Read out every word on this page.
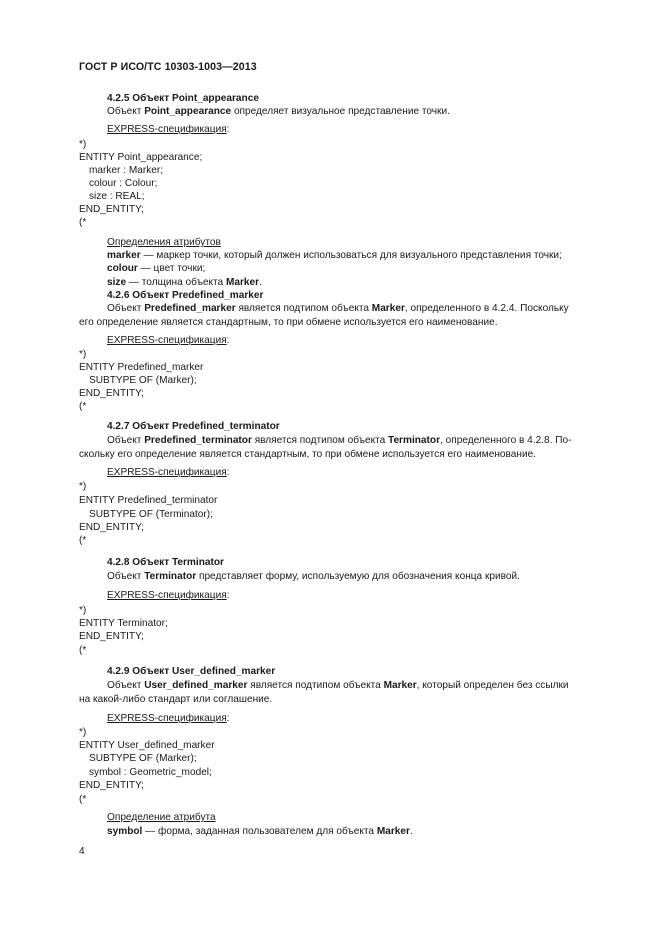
ГОСТ Р ИСО/ТС 10303-1003—2013
4.2.5 Объект Point_appearance
Объект Point_appearance определяет визуальное представление точки.
EXPRESS-спецификация:
*)
ENTITY Point_appearance;
marker : Marker;
colour : Colour;
size : REAL;
END_ENTITY;
(*
Определения атрибутов
marker — маркер точки, который должен использоваться для визуального представления точки;
colour — цвет точки;
size — толщина объекта Marker.
4.2.6 Объект Predefined_marker
Объект Predefined_marker является подтипом объекта Marker, определенного в 4.2.4. Поскольку
его определение является стандартным, то при обмене используется его наименование.
EXPRESS-спецификация:
*)
ENTITY Predefined_marker
SUBTYPE OF (Marker);
END_ENTITY;
(*
4.2.7 Объект Predefined_terminator
Объект Predefined_terminator является подтипом объекта Terminator, определенного в 4.2.8. По-
скольку его определение является стандартным, то при обмене используется его наименование.
EXPRESS-спецификация:
*)
ENTITY Predefined_terminator
SUBTYPE OF (Terminator);
END_ENTITY;
(*
4.2.8 Объект Terminator
Объект Terminator представляет форму, используемую для обозначения конца кривой.
EXPRESS-спецификация:
*)
ENTITY Terminator;
END_ENTITY;
(*
4.2.9 Объект User_defined_marker
Объект User_defined_marker является подтипом объекта Marker, который определен без ссылки
на какой-либо стандарт или соглашение.
EXPRESS-спецификация:
*)
ENTITY User_defined_marker
SUBTYPE OF (Marker);
symbol : Geometric_model;
END_ENTITY;
(*
Определение атрибута
symbol — форма, заданная пользователем для объекта Marker.
4
